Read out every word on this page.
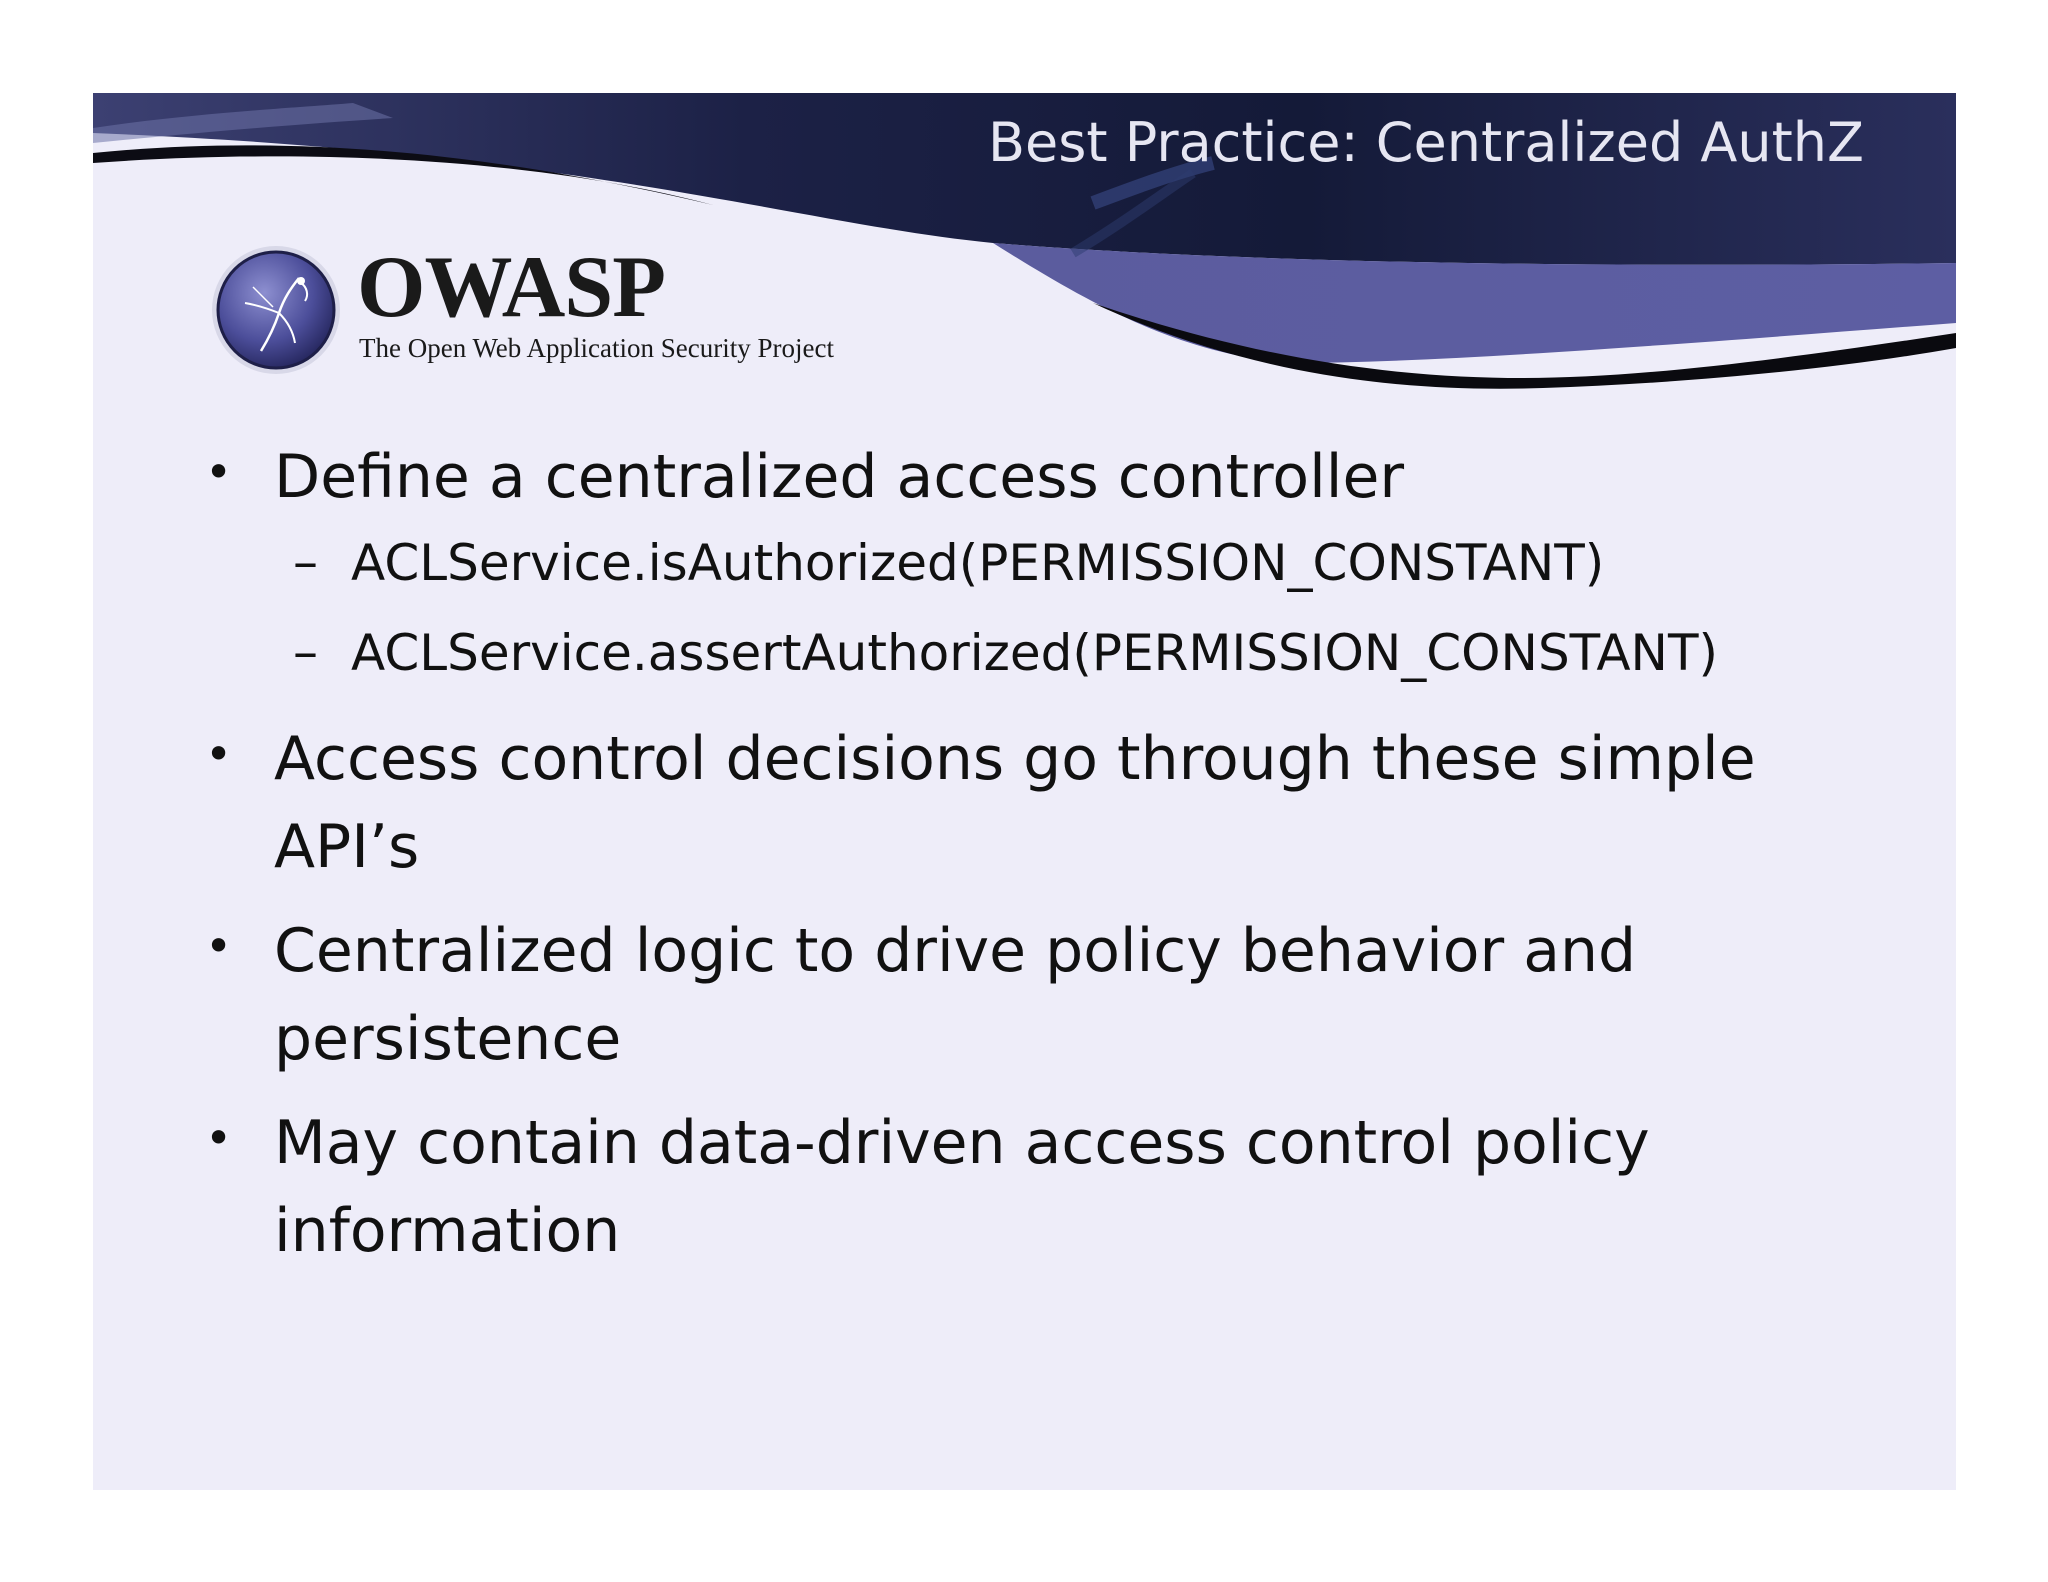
Best Practice: Centralized AuthZ
OWASP
The Open Web Application Security Project
• Define a centralized access controller
– ACLService.isAuthorized(PERMISSION_CONSTANT)
– ACLService.assertAuthorized(PERMISSION_CONSTANT)
• Access control decisions go through these simple API’s
• Centralized logic to drive policy behavior and persistence
• May contain data-driven access control policy information
